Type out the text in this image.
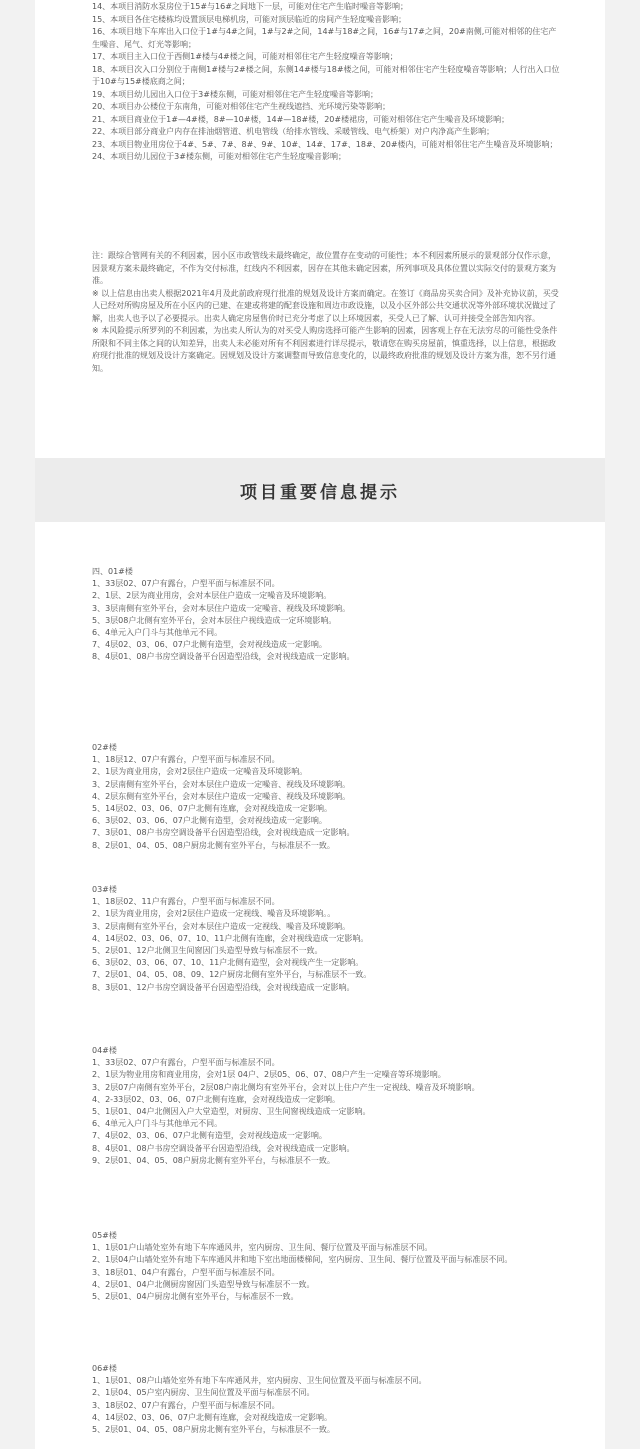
项目重要信息提示
14、本项目消防水泵房位于15#与16#之间地下一层，可能对住宅产生临时噪音等影响；
15、本项目各住宅楼栋均设置顶层电梯机房，可能对顶层临近的房间产生轻度噪音影响；
16、本项目地下车库出入口位于1#与4#之间，1#与2#之间，14#与18#之间，16#与17#之间，20#南侧,可能对相邻的住宅产生噪音、尾气、灯光等影响；
17、本项目主入口位于西侧1#楼与4#楼之间，可能对相邻住宅产生轻度噪音等影响；
18、本项目次入口分别位于南侧1#楼与2#楼之间，东侧14#楼与18#楼之间，可能对相邻住宅产生轻度噪音等影响；人行出入口位于10#与15#楼底商之间；
19、本项目幼儿园出入口位于3#楼东侧，可能对相邻住宅产生轻度噪音等影响；
20、本项目办公楼位于东南角，可能对相邻住宅产生视线遮挡、光环境污染等影响；
21、本项目商业位于1#—4#楼，8#—10#楼，14#—18#楼，20#楼裙房，可能对相邻住宅产生噪音及环境影响；
22、本项目部分商业户内存在排油烟管道、机电管线（给排水管线、采暖管线、电气桥架）对户内净高产生影响；
23、本项目物业用房位于4#、5#、7#、8#、9#、10#、14#、17#、18#、20#楼内，可能对相邻住宅产生噪音及环境影响；
24、本项目幼儿园位于3#楼东侧，可能对相邻住宅产生轻度噪音影响；
注：跟综合管网有关的不利因素，因小区市政管线未最终确定，故位置存在变动的可能性；本不利因素所展示的景观部分仅作示意，因景观方案未最终确定，不作为交付标准，红线内不利因素，因存在其他未确定因素，所列事项及具体位置以实际交付的景观方案为准。
※ 以上信息由出卖人根据2021年4月及此前政府现行批准的规划及设计方案而确定。在签订《商品房买卖合同》及补充协议前，买受人已经对所购房屋及所在小区内的已建、在建或将建的配套设施和周边市政设施，以及小区外部公共交通状况等外部环境状况做过了解，出卖人也予以了必要提示。出卖人确定房屋售价时已充分考虑了以上环境因素，买受人已了解、认可并接受全部告知内容。
※ 本风险提示所罗列的不利因素，为出卖人所认为的对买受人购房选择可能产生影响的因素，因客观上存在无法穷尽的可能性受条件所限和不同主体之间的认知差异，出卖人未必能对所有不利因素进行详尽提示，敬请您在购买房屋前，慎重选择，以上信息，根据政府现行批准的规划及设计方案确定。因规划及设计方案调整而导致信息变化的，以最终政府批准的规划及设计方案为准，恕不另行通知。
四、01#楼
1、33层02、07户有露台，户型平面与标准层不同。
2、1层、2层为商业用房，会对本层住户造成一定噪音及环境影响。
3、3层南侧有室外平台，会对本层住户造成一定噪音、视线及环境影响。
5、3层08户北侧有室外平台，会对本层住户视线造成一定环境影响。
6、4单元入户门斗与其他单元不同。
7、4层02、03、06、07户北侧有造型，会对视线造成一定影响。
8、4层01、08户书房空调设备平台因造型沿线，会对视线造成一定影响。
02#楼
1、18层12、07户有露台，户型平面与标准层不同。
2、1层为商业用房，会对2层住户造成一定噪音及环境影响。
3、2层南侧有室外平台，会对本层住户造成一定噪音、视线及环境影响。
4、2层东侧有室外平台，会对本层住户造成一定噪音、视线及环境影响。
5、14层02、03、06、07户北侧有连廊，会对视线造成一定影响。
6、3层02、03、06、07户北侧有造型，会对视线造成一定影响。
7、3层01、08户书房空调设备平台因造型沿线，会对视线造成一定影响。
8、2层01、04、05、08户厨房北侧有室外平台，与标准层不一致。
03#楼
1、18层02、11户有露台，户型平面与标准层不同。
2、1层为商业用房，会对2层住户造成一定视线、噪音及环境影响。。
3、2层南侧有室外平台，会对本层住户造成一定视线、噪音及环境影响。
4、14层02、03、06、07、10、11户北侧有连廊，会对视线造成一定影响。
5、2层01、12户北侧卫生间窗因门头造型导致与标准层不一致。
6、3层02、03、06、07、10、11户北侧有造型，会对视线产生一定影响。
7、2层01、04、05、08、09、12户厨房北侧有室外平台，与标准层不一致。
8、3层01、12户书房空调设备平台因造型沿线，会对视线造成一定影响。
04#楼
1、33层02、07户有露台，户型平面与标准层不同。
2、1层为物业用房和商业用房，会对1层 04户、2层05、06、07、08户产生一定噪音等环境影响。
3、2层07户南侧有室外平台，2层08户南北侧均有室外平台，会对以上住户产生一定视线、噪音及环境影响。
4、2-33层02、03、06、07户北侧有连廊，会对视线造成一定影响。
5、1层01、04户北侧因入户大堂造型，对厨房、卫生间窗视线造成一定影响。
6、4单元入户门斗与其他单元不同。
7、4层02、03、06、07户北侧有造型，会对视线造成一定影响。
8、4层01、08户书房空调设备平台因造型沿线，会对视线造成一定影响。
9、2层01、04、05、08户厨房北侧有室外平台，与标准层不一致。
05#楼
1、1层01户山墙处室外有地下车库通风井，室内厨房、卫生间、餐厅位置及平面与标准层不同。
2、1层04户山墙处室外有地下车库通风井和地下室出地面楼梯间，室内厨房、卫生间、餐厅位置及平面与标准层不同。
3、18层01、04户有露台，户型平面与标准层不同。
4、2层01、04户北侧厨房窗因门头造型导致与标准层不一致。
5、2层01、04户厨房北侧有室外平台，与标准层不一致。
06#楼
1、1层01、08户山墙处室外有地下车库通风井，室内厨房、卫生间位置及平面与标准层不同。
2、1层04、05户室内厨房、卫生间位置及平面与标准层不同。
3、18层02、07户有露台，户型平面与标准层不同。
4、14层02、03、06、07户北侧有连廊，会对视线造成一定影响。
5、2层01、04、05、08户厨房北侧有室外平台，与标准层不一致。
